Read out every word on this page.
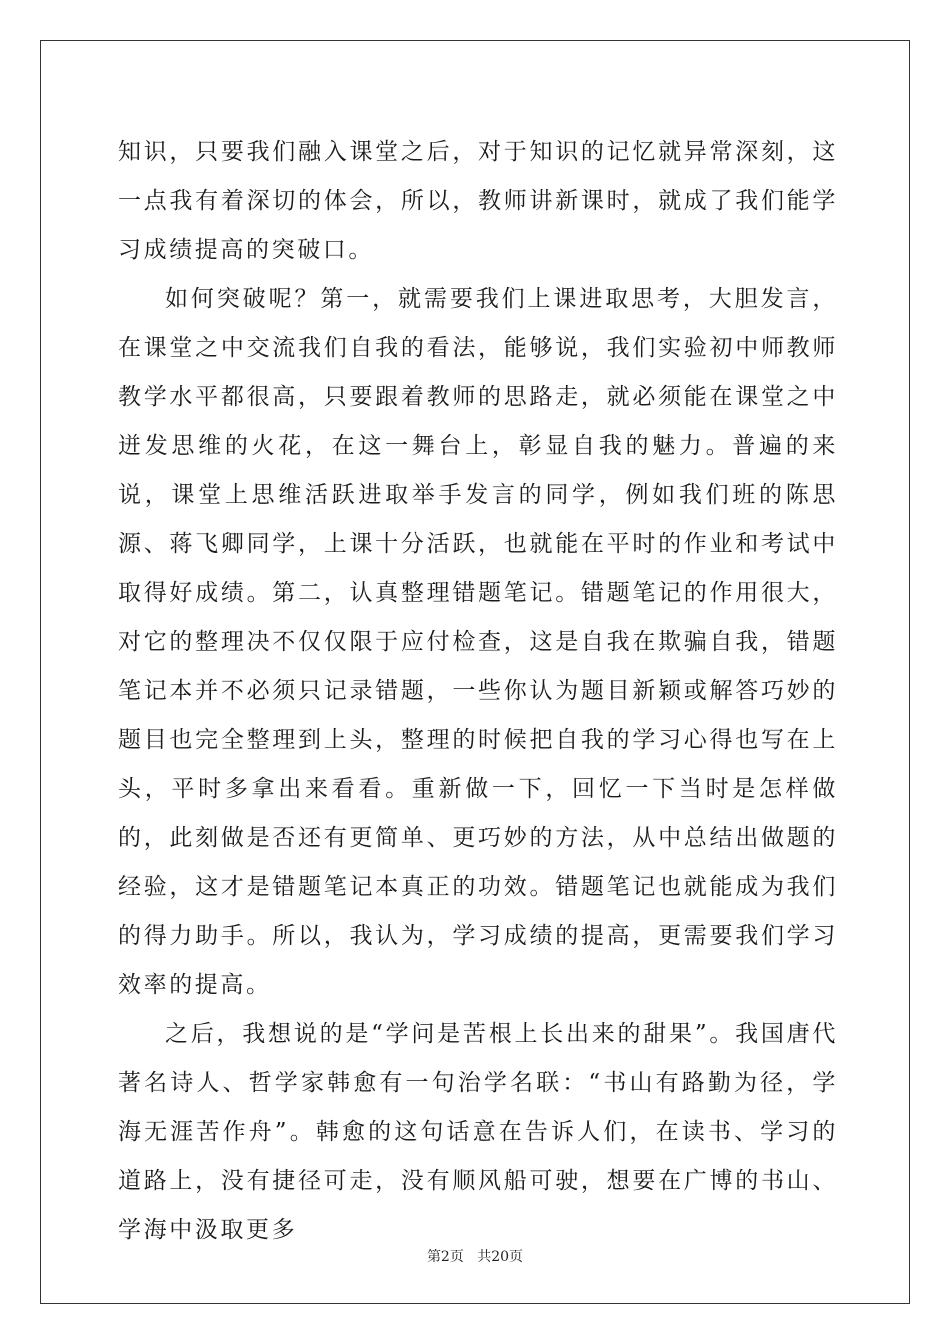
知识，只要我们融入课堂之后，对于知识的记忆就异常深刻，这一点我有着深切的体会，所以，教师讲新课时，就成了我们能学习成绩提高的突破口。

如何突破呢？第一，就需要我们上课进取思考，大胆发言，在课堂之中交流我们自我的看法，能够说，我们实验初中师教师教学水平都很高，只要跟着教师的思路走，就必须能在课堂之中迸发思维的火花，在这一舞台上，彰显自我的魅力。普遍的来说，课堂上思维活跃进取举手发言的同学，例如我们班的陈思源、蒋飞卿同学，上课十分活跃，也就能在平时的作业和考试中取得好成绩。第二，认真整理错题笔记。错题笔记的作用很大，对它的整理决不仅仅限于应付检查，这是自我在欺骗自我，错题笔记本并不必须只记录错题，一些你认为题目新颖或解答巧妙的题目也完全整理到上头，整理的时候把自我的学习心得也写在上头，平时多拿出来看看。重新做一下，回忆一下当时是怎样做的，此刻做是否还有更简单、更巧妙的方法，从中总结出做题的经验，这才是错题笔记本真正的功效。错题笔记也就能成为我们的得力助手。所以，我认为，学习成绩的提高，更需要我们学习效率的提高。

之后，我想说的是“学问是苦根上长出来的甜果”。我国唐代著名诗人、哲学家韩愈有一句治学名联：“书山有路勤为径，学海无涯苦作舟”。韩愈的这句话意在告诉人们，在读书、学习的道路上，没有捷径可走，没有顺风船可驶，想要在广博的书山、学海中汲取更多

第2页 共20页
